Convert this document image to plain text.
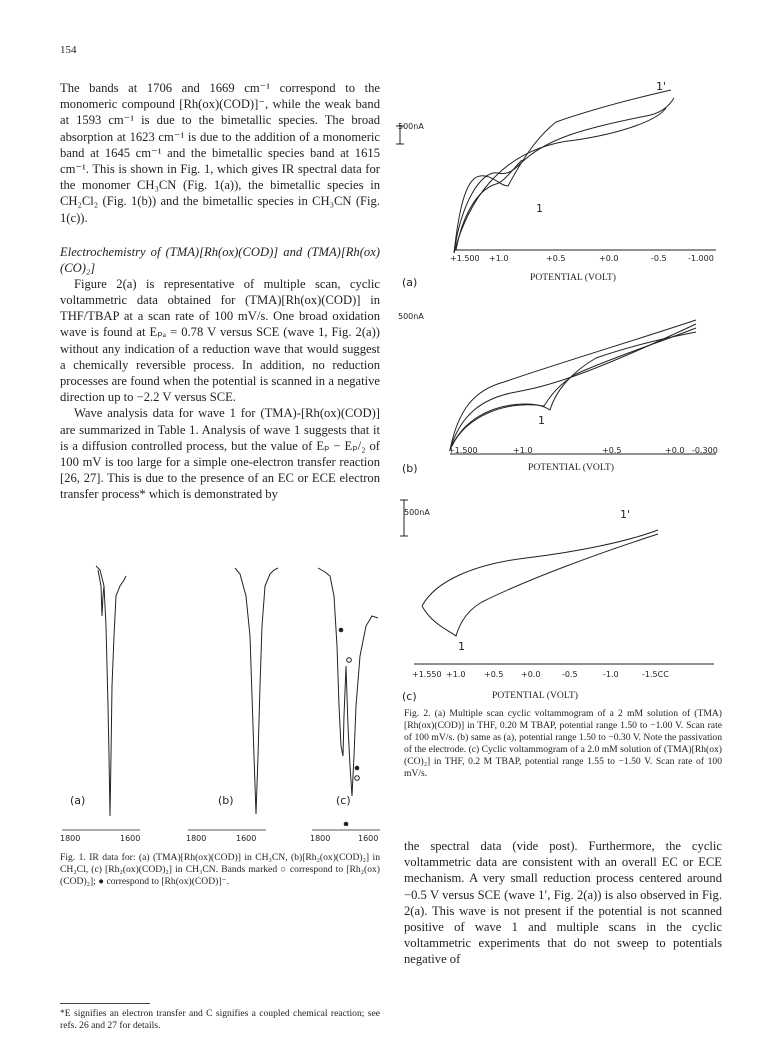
154

The bands at 1706 and 1669 cm⁻¹ correspond to the monomeric compound [Rh(ox)(COD)]⁻, while the weak band at 1593 cm⁻¹ is due to the bimetallic species. The broad absorption at 1623 cm⁻¹ is due to the addition of a monomeric band at 1645 cm⁻¹ and the bimetallic species band at 1615 cm⁻¹. This is shown in Fig. 1, which gives IR spectral data for the monomer CH₃CN (Fig. 1(a)), the bimetallic species in CH₂Cl₂ (Fig. 1(b)) and the bimetallic species in CH₃CN (Fig. 1(c)).

Electrochemistry of (TMA)[Rh(ox)(COD)] and (TMA)[Rh(ox)(CO)₂]

Figure 2(a) is representative of multiple scan, cyclic voltammetric data obtained for (TMA)[Rh(ox)(COD)] in THF/TBAP at a scan rate of 100 mV/s. One broad oxidation wave is found at Eₚₐ = 0.78 V versus SCE (wave 1, Fig. 2(a)) without any indication of a reduction wave that would suggest a chemically reversible process. In addition, no reduction processes are found when the potential is scanned in a negative direction up to −2.2 V versus SCE.

Wave analysis data for wave 1 for (TMA)-[Rh(ox)(COD)] are summarized in Table 1. Analysis of wave 1 suggests that it is a diffusion controlled process, but the value of Eₚ − Eₚ/₂ of 100 mV is too large for a simple one-electron transfer reaction [26, 27]. This is due to the presence of an EC or ECE electron transfer process* which is demonstrated by

(a)	(b)	(c)
1800	1600	1800	1600	1800	1600
Fig. 1. IR data for: (a) (TMA)[Rh(ox)(COD)] in CH₃CN, (b)[Rh₂(ox)(COD)₂] in CH₂Cl, (c) [Rh₂(ox)(COD)₂] in CH₃CN. Bands marked ○ correspond to [Rh₂(ox)(COD)₂]; ● correspond to [Rh(ox)(COD)]⁻.
*E signifies an electron transfer and C signifies a coupled chemical reaction; see refs. 26 and 27 for details.
500nA
1'
1
+1.500 +1.0	+0.5	+0.0	-0.5	-1.000
(a)	POTENTIAL (VOLT)
500nA
1
+1.500	+1.0	+0.5	+0.0 -0.300
(b)	POTENTIAL (VOLT)
500nA	1'
1
+1.550 +1.0 +0.5 +0.0	-0.5	-1.0	-1.5CC
(c)	POTENTIAL (VOLT)
Fig. 2. (a) Multiple scan cyclic voltammogram of a 2 mM solution of (TMA)[Rh(ox)(COD)] in THF, 0.20 M TBAP, potential range 1.50 to −1.00 V. Scan rate of 100 mV/s. (b) same as (a), potential range 1.50 to −0.30 V. Note the passivation of the electrode. (c) Cyclic voltammogram of a 2.0 mM solution of (TMA)[Rh(ox)(CO)₂] in THF, 0.2 M TBAP, potential range 1.55 to −1.50 V. Scan rate of 100 mV/s.

the spectral data (vide post). Furthermore, the cyclic voltammetric data are consistent with an overall EC or ECE mechanism. A very small reduction process centered around −0.5 V versus SCE (wave 1′, Fig. 2(a)) is also observed in Fig. 2(a). This wave is not present if the potential is not scanned positive of wave 1 and multiple scans in the cyclic voltammetric experiments that do not sweep to potentials negative of
